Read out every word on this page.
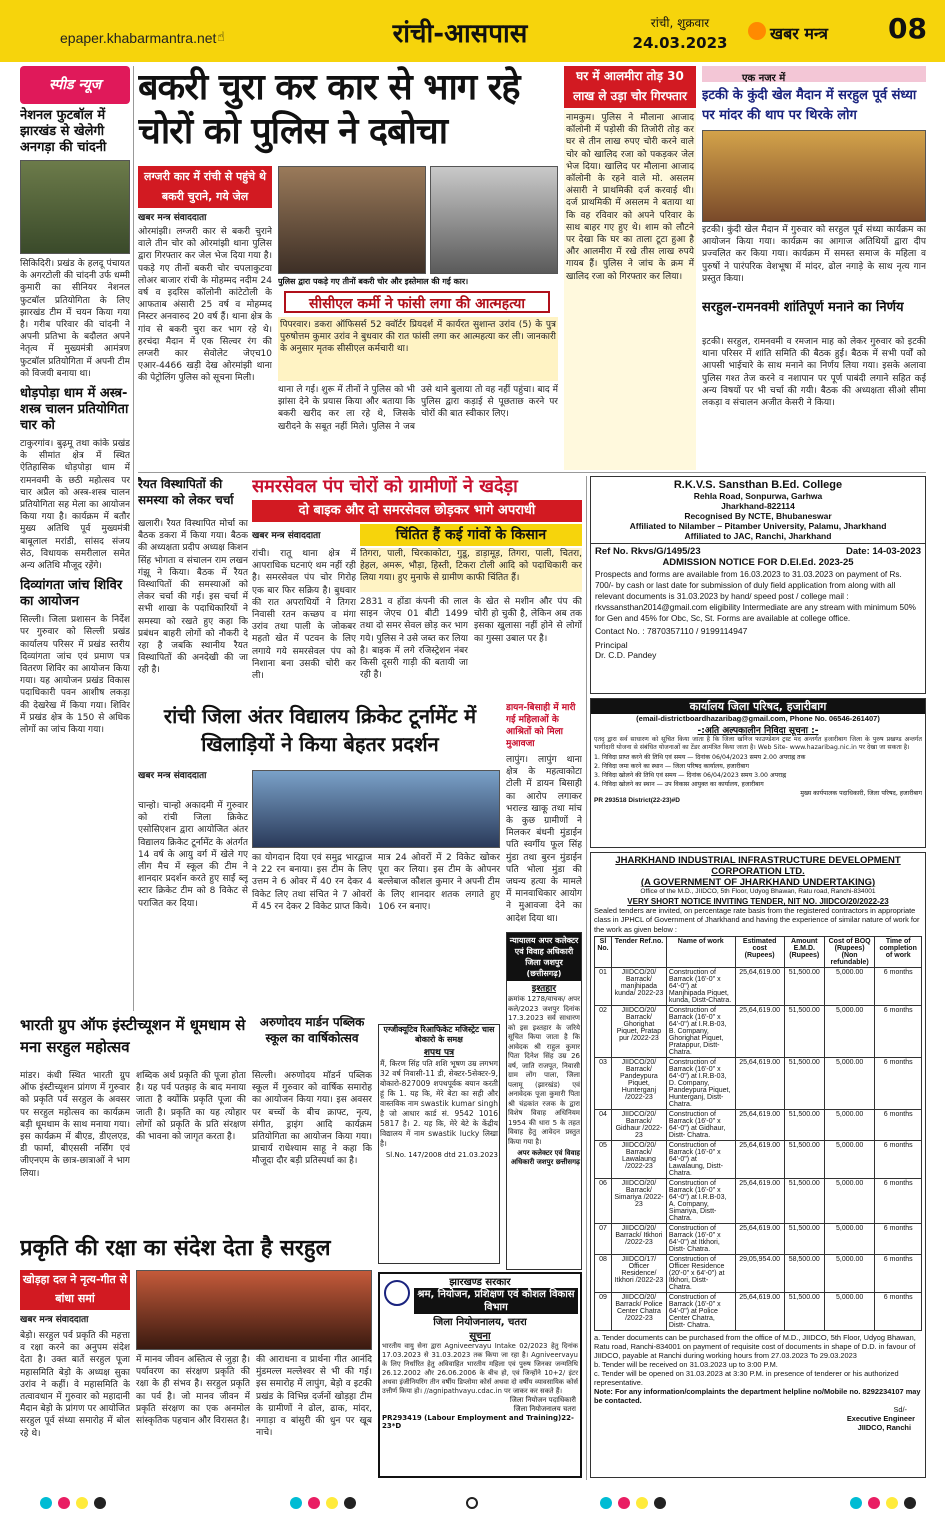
epaper.khabarmantra.net ☝	रांची-आसपास	रांची, शुक्रवार
24.03.2023	खबर मन्त्र 08
स्पीड न्यूज
नेशनल फुटबॉल में झारखंड से खेलेगी अनगड़ा की चांदनी
सिकिदिरी। प्रखंड के हलदू पंचायत के अगरटोली की चांदनी उर्फ धम्मी कुमारी का सीनियर नेशनल फुटबॉल प्रतियोगिता के लिए झारखंड टीम में चयन किया गया है। गरीब परिवार की चांदनी ने अपनी प्रतिभा के बदौलत अपने नेतृत्व में मुख्यमंत्री आमंत्रण फुटबॉल प्रतियोगिता में अपनी टीम को विजयी बनाया था।
धोड़पोड़ा धाम में अस्त्र-शस्त्र चालन प्रतियोगिता चार को
टाकुरगांव। बुढ़मू तथा कांके प्रखंड के सीमांत क्षेत्र में स्थित ऐतिहासिक धोड़पोड़ा धाम में रामनवमी के छठी महोत्सव पर चार अप्रैल को अस्त्र-शस्त्र चालन प्रतियोगिता सह मेला का आयोजन किया गया है। कार्यक्रम में बतौर मुख्य अतिथि पूर्व मुख्यमंत्री बाबूलाल मरांडी, सांसद संजय सेठ, विधायक समरीलाल समेत अन्य अतिथि मौजूद रहेंगे।
दिव्यांगता जांच शिविर का आयोजन
सिल्ली। जिला प्रशासन के निर्देश पर गुरुवार को सिल्ली प्रखंड कार्यालय परिसर में प्रखंड स्तरीय दिव्यांगता जांच एवं प्रमाण पत्र वितरण शिविर का आयोजन किया गया। यह आयोजन प्रखंड विकास पदाधिकारी पवन आशीष लकड़ा की देखरेख में किया गया। शिविर में प्रखंड क्षेत्र के 150 से अधिक लोगों का जांच किया गया।
बकरी चुरा कर कार से भाग रहे चोरों को पुलिस ने दबोचा
लग्जरी कार में रांची से पहुंचे थे बकरी चुराने, गये जेल
खबर मन्त्र संवाददाता
ओरमांझी। लग्जरी कार से बकरी चुराने वाले तीन चोर को ओरमांझी थाना पुलिस द्वारा गिरफ्तार कर जेल भेज दिया गया है। पकड़े गए तीनों बकरी चोर चपलाकुटवा लोअर बाजार रांची के मोहम्मद नदीम 24 वर्ष व इदरिस कॉलोनी कांटेटोली के आफताब अंसारी 25 वर्ष व मोहम्मद निस्टर अनवारुद 20 वर्ष हैं। थाना क्षेत्र के गांव से बकरी चुरा कर भाग रहे थे। हरचंदा मैदान में एक सिल्वर रंग की लग्जरी कार सेवोलेट जेएच10 एआर-4466 खड़ी देख ओरमांझी थाना की पेट्रोलिंग पुलिस को सूचना मिली।
पुलिस द्वारा पकड़े गए तीनों बकरी चोर और इस्तेमाल की गई कार।
सीसीएल कर्मी ने फांसी लगा की आत्महत्या
पिपरवार। डकरा ऑफिसर्स 52 क्वॉर्टर प्रियदर्श में कार्यरत सुशान्त उरांव (5) के पुत्र पुरुषोत्तम कुमार उरांव ने बुधवार की रात फांसी लगा कर आत्महत्या कर ली। जानकारी के अनुसार मृतक सीसीएल कर्मचारी था।
थाना ले गई। शुरू में तीनों ने पुलिस को भी झांसा देने के प्रयास किया और बताया कि बकरी खरीद कर ला रहे थे, जिसके खरीदने के सबूत नहीं मिले। पुलिस ने जब उसे थाने बुलाया तो वह नहीं पहुंचा। बाद में पुलिस द्वारा कड़ाई से पूछताछ करने पर चोरों की बात स्वीकार लिए।
घर में आलमीरा तोड़ 30 लाख ले उड़ा चोर गिरफ्तार
नामकुम। पुलिस ने मौलाना आजाद कॉलोनी में पड़ोसी की तिजोरी तोड़ कर घर से तीन लाख रुपए चोरी करने वाले चोर को खालिद रजा को पकड़कर जेल भेज दिया। खालिद पर मौलाना आजाद कॉलोनी के रहने वाले मो. असलम अंसारी ने प्राथमिकी दर्ज करवाई थी। दर्ज प्राथमिकी में असलम ने बताया था कि वह रविवार को अपने परिवार के साथ बाहर गए हुए थे। शाम को लौटने पर देखा कि घर का ताला टूटा हुआ है और आलमीरा में रखे तीस लाख रुपये गायब हैं। पुलिस ने जांच के क्रम में खालिद रजा को गिरफ्तार कर लिया।
एक नजर में
इटकी के कुंदी खेल मैदान में सरहुल पूर्व संध्या पर मांदर की थाप पर थिरके लोग
इटकी। कुंदी खेल मैदान में गुरुवार को सरहुल पूर्व संध्या कार्यक्रम का आयोजन किया गया। कार्यक्रम का आगाज अतिथियों द्वारा दीप प्रज्वलित कर किया गया। कार्यक्रम में समस्त समाज के महिला व पुरुषों ने पारंपरिक वेशभूषा में मांदर, ढोल नगाड़े के साथ नृत्य गान प्रस्तुत किया।
सरहुल-रामनवमी शांतिपूर्ण मनाने का निर्णय
इटकी। सरहुल, रामनवमी व रमजान माह को लेकर गुरुवार को इटकी थाना परिसर में शांति समिति की बैठक हुई। बैठक में सभी पर्वों को आपसी भाईचारे के साथ मनाने का निर्णय लिया गया। इसके अलावा पुलिस गश्त तेज करने व नशापान पर पूर्ण पाबंदी लगाने सहित कई अन्य विषयों पर भी चर्चा की गयी। बैठक की अध्यक्षता सीओ सीमा लकड़ा व संचालन अजीत केसरी ने किया।
रैयत विस्थापितों की समस्या को लेकर चर्चा
खलारी। रैयत विस्थापित मोर्चा का बैठक डकरा में किया गया। बैठक की अध्यक्षता प्रदीप अध्यक्ष किशन सिंह भोगता व संचालन राम लखन गंझू ने किया। बैठक में रैयत विस्थापितों की समस्याओं को लेकर चर्चा की गई। इस चर्चा में सभी शाखा के पदाधिकारियों ने समस्या को रखते हुए कहा कि प्रबंधन बाहरी लोगों को नौकरी दे रहा है जबकि स्थानीय रैयत विस्थापितों की अनदेखी की जा रही है।
समरसेवल पंप चोरों को ग्रामीणों ने खदेड़ा
दो बाइक और दो समरसेवल छोड़कर भागे अपराधी
चिंतित हैं कई गांवों के किसान
खबर मन्त्र संवाददाता
रांची। रातू थाना क्षेत्र में आपराधिक घटनाएं थम नहीं रही है। समरसेवल पंप चोर गिरोह एक बार फिर सक्रिय है। बुधवार की रात अपराधियों ने तिगरा निवासी रतन कच्छप व मंगा उरांव तथा पाली के जोकबर महतो खेत में पटवन के लिए लगाये गये समरसेवल पंप को निशाना बना उसकी चोरी कर ली।
तिगरा, पाली, चिरकाकोटा, गुडू, डाड़ामूड़, तिगरा, पाली, चितरा, हेहल, अमरू, भौड़ा, हिस्ती, टिकरा टोली आदि को पदाधिकारी कर लिया गया। हुए मुनाफे से ग्रामीण काफी चिंतित हैं।
2831 व होंडा कंपनी की लाल साइन जेएच 01 बीटी 1499 तथा दो समर सेवल छोड़ कर भाग गये। पुलिस ने उसे जब्त कर लिया है। बाइक में लगे रजिस्ट्रेशन नंबर किसी दूसरी गाड़ी की बतायी जा रही है।
के खेत से मशीन और पंप की चोरी हो चुकी है, लेकिन अब तक इसका खुलासा नहीं होने से लोगों का गुस्सा उबाल पर है।
रांची जिला अंतर विद्यालय क्रिकेट टूर्नामेंट में खिलाड़ियों ने किया बेहतर प्रदर्शन
खबर मन्त्र संवाददाता
चान्हो। चान्हो अकादमी में गुरुवार को रांची जिला क्रिकेट एसोसिएशन द्वारा आयोजित अंतर विद्यालय क्रिकेट टूर्नामेंट के अंतर्गत 14 वर्ष के आयु वर्ग में खेले गए लीग मैच में स्कूल की टीम ने शानदार प्रदर्शन करते हुए साईं ब्लू स्टार क्रिकेट टीम को 8 विकेट से पराजित कर दिया।
का योगदान दिया एवं समुद्र भारद्वाज ने 22 रन बनाया। इस टीम के लिए उत्तम ने 6 ओवर में 40 रन देकर 4 विकेट लिए तथा संचित ने 7 ओवरों में 45 रन देकर 2 विकेट प्राप्त किये।
मात्र 24 ओवरों में 2 विकेट खोकर पूरा कर लिया। इस टीम के ओपनर बल्लेबाज कौशल कुमार ने अपनी टीम के लिए शानदार शतक लगाते हुए 106 रन बनाए।
डायन-बिसाही में मारी गई महिलाओं के आश्रितों को मिला मुआवजा
लापुंग। लापुंग थाना क्षेत्र के महत्वाकोटा टोली में डायन बिसाही का आरोप लगाकर भराल्ड खाकू तथा मांच के कुछ ग्रामीणों ने मिलकर बंधनी मुंडाईन पति स्वर्गीय फूल सिंह मुंडा तथा बुरन मुंडाईन पति भोला मुंडा की जघन्य हत्या के मामले में मानवाधिकार आयोग ने मुआवजा देने का आदेश दिया था।
न्यायालय अपर कलेक्टर एवं विवाह अधिकारी जिला जशपुर (छत्तीसगढ़)
इश्तहार
क्रमांक 1278/वाचक/ अपर कले/2023 जशपुर दिनांक 17.3.2023 सर्व साधारण को इस इश्तहार के जरिये सूचित किया जाता है कि आवेदक श्री राहुल कुमार पिता दिनेश सिंह उम्र 26 वर्ष, जाति राजपूत, निवासी ग्राम लोंग पाला, जिला पलामू (झारखंड) एवं अनावेदक पूजा कुमारी पिता श्री चंद्रकांत रजक के द्वारा विशेष विवाह अधिनियम 1954 की धारा 5 के तहत विवाह हेतु आवेदन प्रस्तुत किया गया है।
अपर कलेक्टर एवं विवाह अधिकारी जशपुर छत्तीसगढ़
एग्जीक्यूटिव रिआफिकेट मजिस्ट्रेट चास बोकारो के समक्ष
शपथ पत्र
मैं, किरण सिंह पति शशि भूषण उम्र लगभग 32 वर्ष निवासी-11 डी, सेक्टर-5सेक्टर-9, बोकारो-827009 शपथपूर्वक बयान करती हूं कि 1. यह कि, मेरे बेटा का सही और वास्तविक नाम swastik kumar singh है जो आधार कार्ड सं. 9542 1016 5817 है। 2. यह कि, मेरे बेटे के केंद्रीय विद्यालय में नाम swastik lucky लिखा है।
Sl.No. 147/2008 dtd 21.03.2023
अरुणोदय मार्डन पब्लिक स्कूल का वार्षिकोत्सव
सिल्ली। अरुणोदय मॉडर्न पब्लिक स्कूल में गुरुवार को वार्षिक समारोह का आयोजन किया गया। इस अवसर पर बच्चों के बीच क्राफ्ट, नृत्य, संगीत, ड्राइंग आदि कार्यक्रम प्रतियोगिता का आयोजन किया गया। प्राचार्य राधेश्याम साहू ने कहा कि मौजूदा दौर बड़ी प्रतिस्पर्धा का है।
भारती ग्रुप ऑफ इंस्टीच्यूशन में धूमधाम से मना सरहुल महोत्सव
मांडर। कंधी स्थित भारती ग्रुप ऑफ इंस्टीच्यूशन प्रांगण में गुरुवार को प्रकृति पर्व सरहुल के अवसर पर सरहुल महोत्सव का कार्यक्रम बड़ी धूमधाम के साथ मनाया गया। इस कार्यक्रम में बीएड, डीएलएड, डी फार्मा, बीएससी नर्सिंग एवं जीएनएम के छात्र-छात्राओं ने भाग लिया।
शब्दिक अर्थ प्रकृति की पूजा होता है। यह पर्व पतझड़ के बाद मनाया जाता है क्योंकि प्रकृति पूजा की जाती है। प्रकृति का यह त्योहार लोगों को प्रकृति के प्रति संरक्षण की भावना को जागृत करता है।
प्रकृति की रक्षा का संदेश देता है सरहुल
खोड़हा दल ने नृत्य-गीत से बांधा समां
खबर मन्त्र संवाददाता
बेड़ो। सरहुल पर्व प्रकृति की महत्ता व रक्षा करने का अनुपम संदेश देता है। उक्त बातें सरहुल पूजा महासमिति बेड़ो के अध्यक्ष सुका उरांव ने कहीं। वे महासमिति के तत्वावधान में गुरुवार को महादानी मैदान बेड़ो के प्रांगण पर आयोजित सरहुल पूर्व संध्या समारोह में बोल रहे थे।
में मानव जीवन अस्तित्व से जुड़ा है। पर्यावरण का संरक्षण प्रकृति की रक्षा के ही संभव है। सरहुल प्रकृति का पर्व है। जो मानव जीवन में प्रकृति संरक्षण का एक अनमोल सांस्कृतिक पहचान और विरासत है।
की आराधना व प्रार्थना गीत आनंदि मुंडमल्ल मल्लेश्वर से भी की गई। इस समारोह में लापुंग, बेड़ो व इटकी प्रखंड के विभिन्न दर्जनों खोड़हा टीम के ग्रामीणों ने ढोल, ढाक, मांदर, नगाड़ा व बांसुरी की धुन पर खूब नाचे।
झारखण्ड सरकार
श्रम, नियोजन, प्रशिक्षण एवं कौशल विकास विभाग
जिला नियोजनालय, चतरा
सूचना
भारतीय वायु सेना द्वारा Agniveervayu Intake 02/2023 हेतु दिनांक 17.03.2023 से 31.03.2023 तक किया जा रहा है। Agniveervayu के लिए निर्धारित हेतु अविवाहित भारतीय महिला एवं पुरुष जिनका जन्मतिथि 26.12.2002 और 26.06.2006 के बीच हो, एवं जिन्होंने 10+2/ इंटर अथवा इंजीनियरिंग तीन वर्षीय डिप्लोमा कोर्स अथवा दो वर्षीय व्यावसायिक कोर्स उत्तीर्ण किया हो। //agnipathvayu.cdac.in पर जाकर कर सकते हैं।
जिला नियोजन पदाधिकारी
जिला नियोजनालय चतरा
PR293419 (Labour Employment and Training)22-23*D
R.K.V.S. Sansthan B.Ed. College
Rehla Road, Sonpurwa, Garhwa
Jharkhand-822114
Recognised By NCTE, Bhubaneswar
Affiliated to Nilamber – Pitamber University, Palamu, Jharkhand
Affiliated to JAC, Ranchi, Jharkhand
Ref No. Rkvs/G/1495/23	Date: 14-03-2023
ADMISSION NOTICE FOR D.El.Ed. 2023-25
Prospects and forms are available from 16.03.2023 to 31.03.2023 on payment of Rs. 700/- by cash or last date for submission of duly field application from along with all relevant documents is 31.03.2023 by hand/ speed post / college mail : rkvssansthan2014@gmail.com eligibility Intermediate are any stream with minimum 50% for Gen and 45% for Obc, Sc, St. Forms are available at college office.
Contact No. : 7870357110 / 9199114947
Principal
Dr. C.D. Pandey
कार्यालय जिला परिषद, हजारीबाग
(email-districtboardhazaribag@gmail.com, Phone No. 06546-261407)
-:अति अल्पकालीन निविदा सूचना :-
एतद् द्वारा सर्व साधारण को सूचित किया जाता है कि जिला खनिज फाउण्डेशन ट्रस्ट मद अन्तर्गत हजारीबाग जिला के पुरुष प्रखण्ड अन्तर्गत भागीदारी योजना से संबंधित योजनाओं का टेंडर आमंत्रित किया जाता है। Web Site- www.hazaribag.nic.in पर देखा जा सकता है।
1. निविदा प्राप्त करने की तिथि एवं समय — दिनांक 06/04/2023 समय 2.00 अपराह्न तक
2. निविदा जमा करने का स्थान — जिला परिषद कार्यालय, हजारीबाग
3. निविदा खोलने की तिथि एवं समय — दिनांक 06/04/2023 समय 3.00 अपराह्न
4. निविदा खोलने का स्थान — उप विकास आयुक्त का कार्यालय, हजारीबाग
मुख्य कार्यपालक पदाधिकारी, जिला परिषद, हजारीबाग
PR 293518 District(22-23)#D
JHARKHAND INDUSTRIAL INFRASTRUCTURE DEVELOPMENT CORPORATION LTD.
(A GOVERNMENT OF JHARKHAND UNDERTAKING)
Office of the M.D., JIIDCO, 5th Floor, Udyog Bhawan, Ratu road, Ranchi-834001
VERY SHORT NOTICE INVITING TENDER, NIT NO. JIIDCO/20/2022-23
Sealed tenders are invited, on percentage rate basis from the registered contractors in appropriate class in JPHCL of Government of Jharkhand and having the experience of similar nature of work for the work as given below :
Sl No.	Tender Ref.no.	Name of work	Estimated cost (Rupees)	Amount E.M.D. (Rupees)	Cost of BOQ (Rupees) (Non refundable)	Time of completion of work
01	JIIDCO/20/ Barrack/ manjhipada kunda/ 2022-23	Construction of Barrack (16'-0" x 64'-0") at Manjhipada Piquet, kunda, Distt-Chatra.	25,64,619.00	51,500.00	5,000.00	6 months
02	JIIDCO/20/ Barrack/ Ghorighat Piquet, Pratap pur /2022-23	Construction of Barrack (16'-0" x 64'-0") at I.R.B-03, B. Company, Ghorighat Piquet, Pratappur, Distt- Chatra.	25,64,619.00	51,500.00	5,000.00	6 months
03	JIIDCO/20/ Barrack/ Pandeypura Piquet, Hunterganj /2022-23	Construction of Barrack (16'-0" x 64'-0") at I.R.B-03, D. Company, Pandeypura Piquet, Hunterganj, Distt- Chatra.	25,64,619.00	51,500.00	5,000.00	6 months
04	JIIDCO/20/ Barrack/ Gidhaur /2022-23	Construction of Barrack (16'-0" x 64'-0") at Gidhaur, Distt- Chatra.	25,64,619.00	51,500.00	5,000.00	6 months
05	JIIDCO/20/ Barrack/ Lawalaung /2022-23	Construction of Barrack (16'-0" x 64'-0") at Lawalaung, Distt- Chatra.	25,64,619.00	51,500.00	5,000.00	6 months
06	JIIDCO/20/ Barrack/ Simariya /2022-23	Construction of Barrack (16'-0" x 64'-0") at I.R.B-03, A. Company, Simariya, Distt- Chatra.	25,64,619.00	51,500.00	5,000.00	6 months
07	JIIDCO/20/ Barrack/ Itkhori /2022-23	Construction of Barrack (16'-0" x 64'-0") at Itkhori, Distt- Chatra.	25,64,619.00	51,500.00	5,000.00	6 months
08	JIIDCO/17/ Officer Residence/ Itkhori /2022-23	Construction of Officer Residence (20'-0" x 64'-0") at Itkhori, Distt- Chatra.	29,05,954.00	58,500.00	5,000.00	6 months
09	JIIDCO/20/ Barrack/ Police Center Chatra /2022-23	Construction of Barrack (16'-0" x 64'-0") at Police Center Chatra, Distt- Chatra.	25,64,619.00	51,500.00	5,000.00	6 months
a. Tender documents can be purchased from the office of M.D., JIIDCO, 5th Floor, Udyog Bhawan, Ratu road, Ranchi-834001 on payment of requisite cost of documents in shape of D.D. in favour of JIIDCO, payable at Ranchi during working hours from 27.03.2023 To 29.03.2023
b. Tender will be received on 31.03.2023 up to 3:00 P.M.
c. Tender will be opened on 31.03.2023 at 3:30 P.M. in presence of tenderer or his authorized representative.
Note: For any information/complaints the department helpline no/Mobile no. 8292234107 may be contacted.
Sd/-
Executive Engineer
JIIDCO, Ranchi
